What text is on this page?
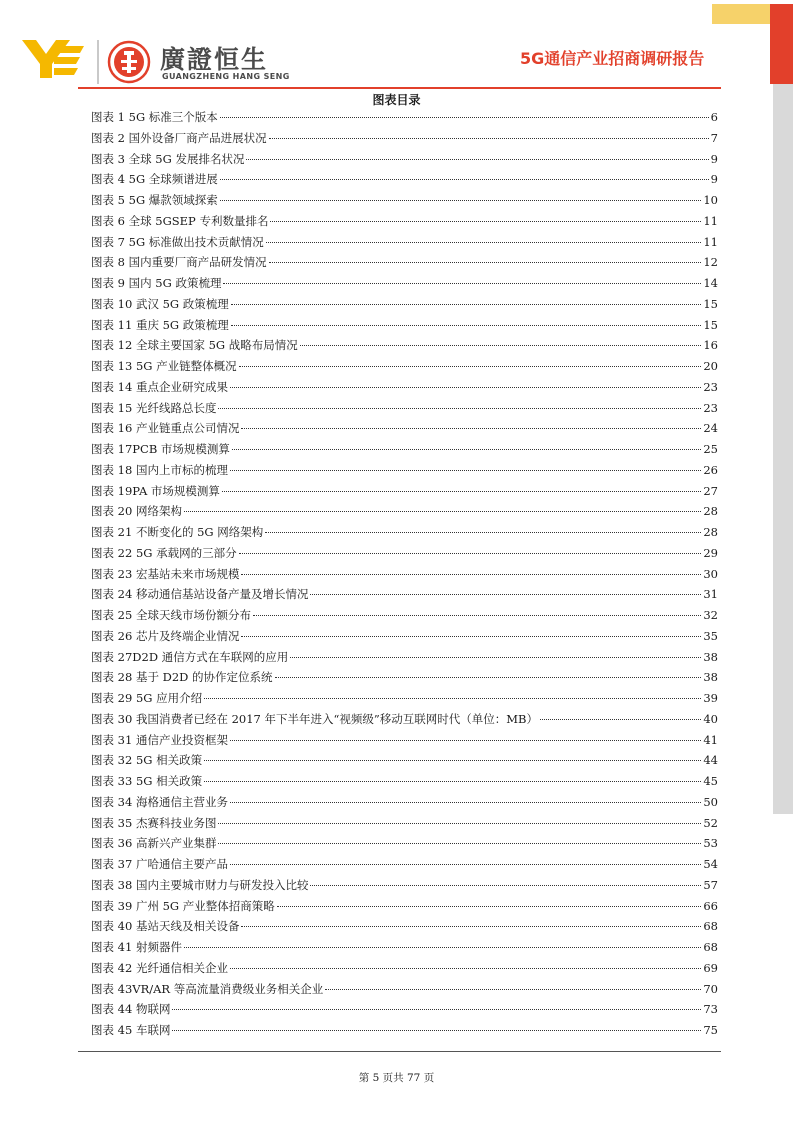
廣證恒生
GUANGZHENG HANG SENG
5G通信产业招商调研报告
图表目录
图表 1 5G 标准三个版本	6
图表 2 国外设备厂商产品进展状况	7
图表 3 全球 5G 发展排名状况	9
图表 4 5G 全球频谱进展	9
图表 5 5G 爆款领域探索	10
图表 6 全球 5GSEP 专利数量排名	11
图表 7 5G 标准做出技术贡献情况	11
图表 8 国内重要厂商产品研发情况	12
图表 9 国内 5G 政策梳理	14
图表 10 武汉 5G 政策梳理	15
图表 11 重庆 5G 政策梳理	15
图表 12 全球主要国家 5G 战略布局情况	16
图表 13 5G 产业链整体概况	20
图表 14 重点企业研究成果	23
图表 15 光纤线路总长度	23
图表 16 产业链重点公司情况	24
图表 17PCB 市场规模测算	25
图表 18 国内上市标的梳理	26
图表 19PA 市场规模测算	27
图表 20 网络架构	28
图表 21 不断变化的 5G 网络架构	28
图表 22 5G 承载网的三部分	29
图表 23 宏基站未来市场规模	30
图表 24 移动通信基站设备产量及增长情况	31
图表 25 全球天线市场份额分布	32
图表 26 芯片及终端企业情况	35
图表 27D2D 通信方式在车联网的应用	38
图表 28 基于 D2D 的协作定位系统	38
图表 29 5G 应用介绍	39
图表 30 我国消费者已经在 2017 年下半年进入“视频级”移动互联网时代（单位：MB）	40
图表 31 通信产业投资框架	41
图表 32 5G 相关政策	44
图表 33 5G 相关政策	45
图表 34 海格通信主营业务	50
图表 35 杰赛科技业务图	52
图表 36 高新兴产业集群	53
图表 37 广哈通信主要产品	54
图表 38 国内主要城市财力与研发投入比较	57
图表 39 广州 5G 产业整体招商策略	66
图表 40 基站天线及相关设备	68
图表 41 射频器件	68
图表 42 光纤通信相关企业	69
图表 43VR/AR 等高流量消费级业务相关企业	70
图表 44 物联网	73
图表 45 车联网	75
第 5 页共 77 页
